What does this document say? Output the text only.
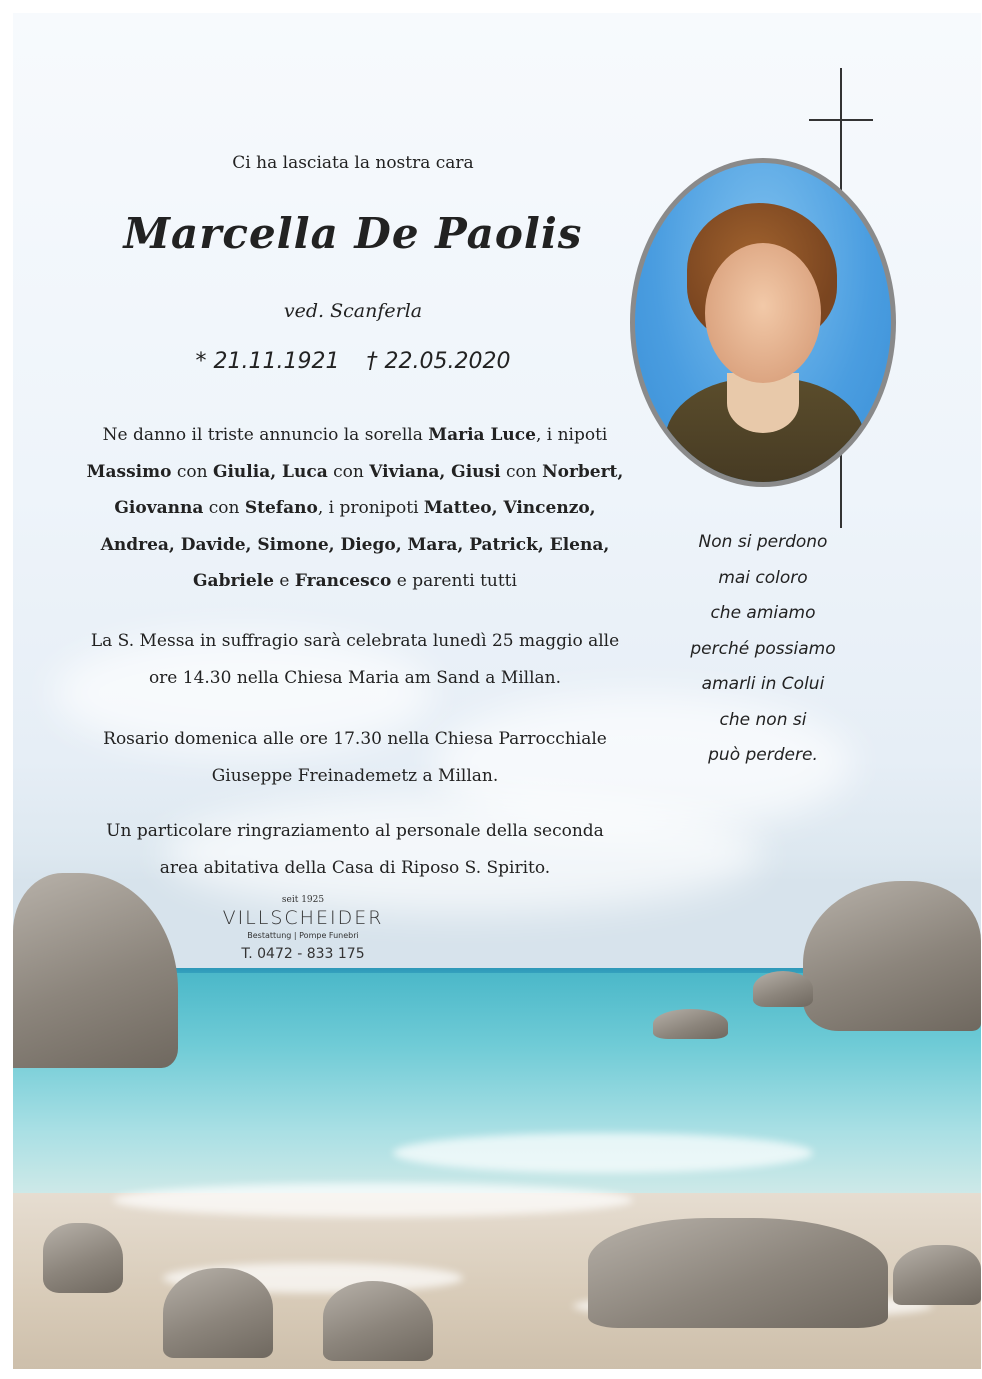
Ci ha lasciata la nostra cara
Marcella De Paolis
ved. Scanferla
* 21.11.1921 † 22.05.2020
Ne danno il triste annuncio la sorella Maria Luce, i nipoti
Massimo con Giulia, Luca con Viviana, Giusi con Norbert,
Giovanna con Stefano, i pronipoti Matteo, Vincenzo,
Andrea, Davide, Simone, Diego, Mara, Patrick, Elena,
Gabriele e Francesco e parenti tutti
La S. Messa in suffragio sarà celebrata lunedì 25 maggio alle ore 14.30 nella Chiesa Maria am Sand a Millan.
Rosario domenica alle ore 17.30 nella Chiesa Parrocchiale Giuseppe Freinademetz a Millan.
Un particolare ringraziamento al personale della seconda area abitativa della Casa di Riposo S. Spirito.
seit 1925
VILLSCHEIDER
Bestattung | Pompe Funebri
T. 0472 - 833 175
Non si perdono
mai coloro
che amiamo
perché possiamo
amarli in Colui
che non si
può perdere.
